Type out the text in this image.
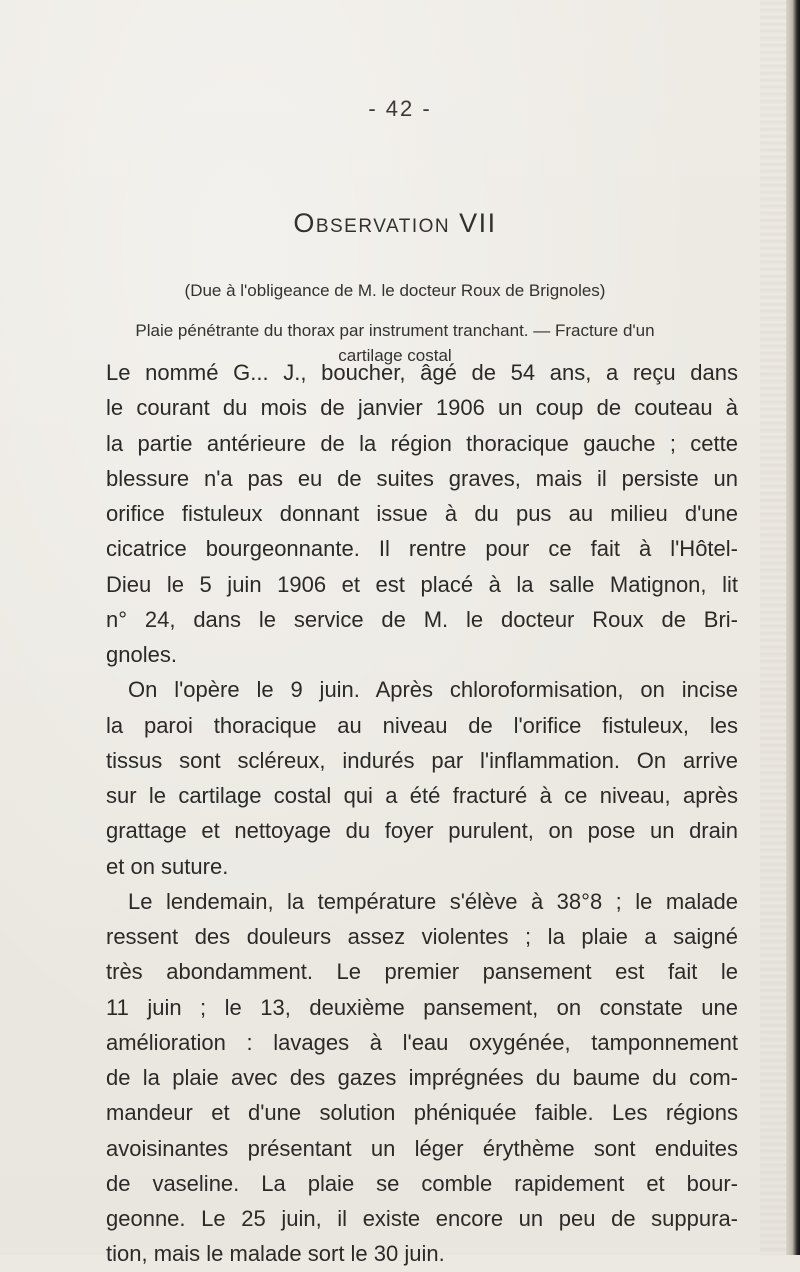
- 42 -
Observation VII
(Due à l'obligeance de M. le docteur Roux de Brignoles)
Plaie pénétrante du thorax par instrument tranchant. — Fracture d'un
cartilage costal
Le nommé G... J., boucher, âgé de 54 ans, a reçu dans
le courant du mois de janvier 1906 un coup de couteau à
la partie antérieure de la région thoracique gauche ; cette
blessure n'a pas eu de suites graves, mais il persiste un
orifice fistuleux donnant issue à du pus au milieu d'une
cicatrice bourgeonnante. Il rentre pour ce fait à l'Hôtel-
Dieu le 5 juin 1906 et est placé à la salle Matignon, lit
n° 24, dans le service de M. le docteur Roux de Bri-
gnoles.
On l'opère le 9 juin. Après chloroformisation, on incise
la paroi thoracique au niveau de l'orifice fistuleux, les
tissus sont scléreux, indurés par l'inflammation. On arrive
sur le cartilage costal qui a été fracturé à ce niveau, après
grattage et nettoyage du foyer purulent, on pose un drain
et on suture.
Le lendemain, la température s'élève à 38°8 ; le malade
ressent des douleurs assez violentes ; la plaie a saigné
très abondamment. Le premier pansement est fait le
11 juin ; le 13, deuxième pansement, on constate une
amélioration : lavages à l'eau oxygénée, tamponnement
de la plaie avec des gazes imprégnées du baume du com-
mandeur et d'une solution phéniquée faible. Les régions
avoisinantes présentant un léger érythème sont enduites
de vaseline. La plaie se comble rapidement et bour-
geonne. Le 25 juin, il existe encore un peu de suppura-
tion, mais le malade sort le 30 juin.
